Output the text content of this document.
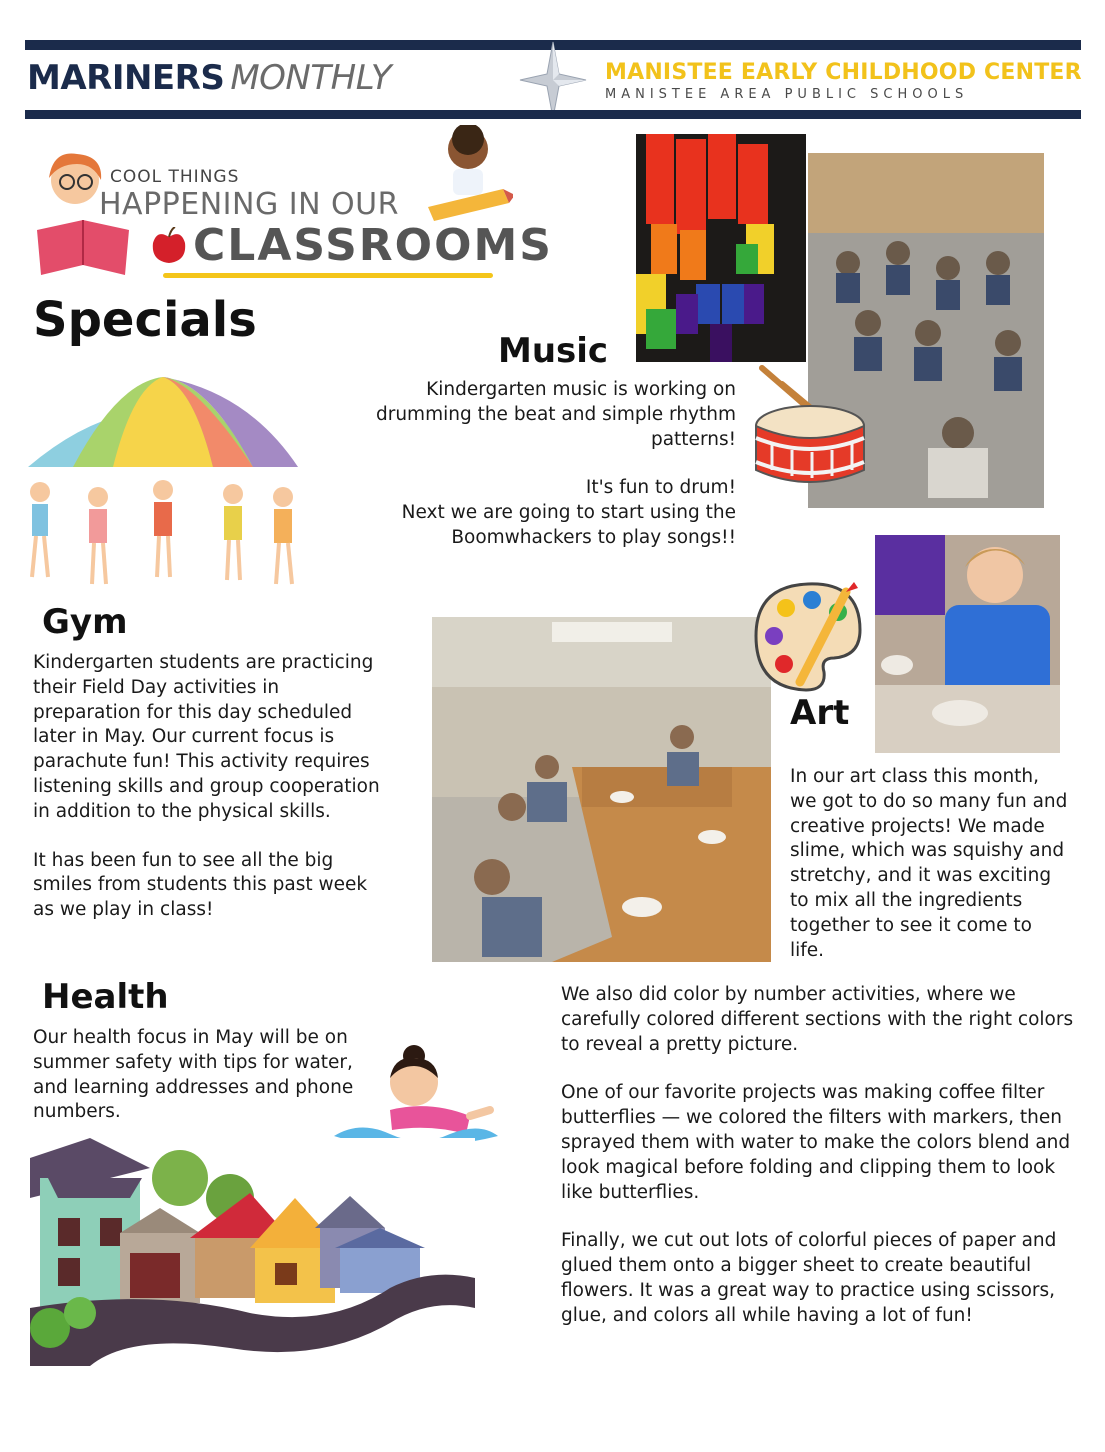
MARINERS MONTHLY	MANISTEE EARLY CHILDHOOD CENTER
MANISTEE AREA PUBLIC SCHOOLS
COOL THINGS
HAPPENING IN OUR
CLASSROOMS
Specials
Music
Kindergarten music is working on drumming the beat and simple rhythm patterns!
It's fun to drum!
Next we are going to start using the Boomwhackers to play songs!!
Gym
Kindergarten students are practicing their Field Day activities in preparation for this day scheduled later in May. Our current focus is parachute fun! This activity requires listening skills and group cooperation in addition to the physical skills.
It has been fun to see all the big smiles from students this past week as we play in class!
Art
In our art class this month, we got to do so many fun and creative projects! We made slime, which was squishy and stretchy, and it was exciting to mix all the ingredients together to see it come to life.
We also did color by number activities, where we carefully colored different sections with the right colors to reveal a pretty picture.
One of our favorite projects was making coffee filter butterflies — we colored the filters with markers, then sprayed them with water to make the colors blend and look magical before folding and clipping them to look like butterflies.
Finally, we cut out lots of colorful pieces of paper and glued them onto a bigger sheet to create beautiful flowers. It was a great way to practice using scissors, glue, and colors all while having a lot of fun!
Health
Our health focus in May will be on summer safety with tips for water, and learning addresses and phone numbers.
